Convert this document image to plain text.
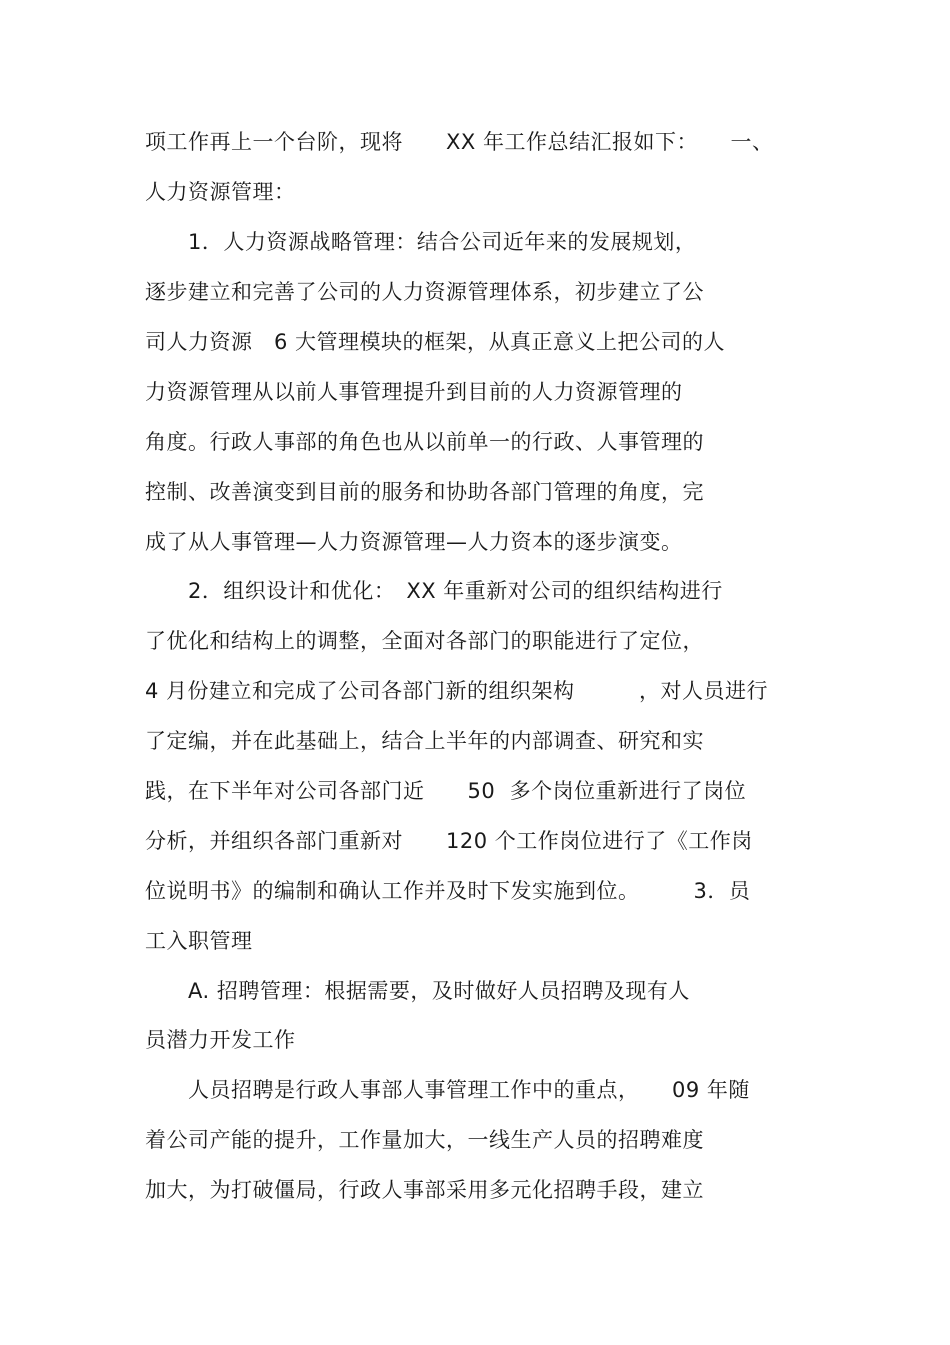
项工作再上一个台阶，现将　　XX 年工作总结汇报如下：　　一、
人力资源管理：
　　1．人力资源战略管理：结合公司近年来的发展规划，
逐步建立和完善了公司的人力资源管理体系，初步建立了公
司人力资源　6 大管理模块的框架，从真正意义上把公司的人
力资源管理从以前人事管理提升到目前的人力资源管理的
角度。行政人事部的角色也从以前单一的行政、人事管理的
控制、改善演变到目前的服务和协助各部门管理的角度，完
成了从人事管理—人力资源管理—人力资本的逐步演变。
　　2．组织设计和优化：　XX 年重新对公司的组织结构进行
了优化和结构上的调整，全面对各部门的职能进行了定位，
4 月份建立和完成了公司各部门新的组织架构　　　，对人员进行
了定编，并在此基础上，结合上半年的内部调查、研究和实
践，在下半年对公司各部门近　　50  多个岗位重新进行了岗位
分析，并组织各部门重新对　　120 个工作岗位进行了《工作岗
位说明书》的编制和确认工作并及时下发实施到位。　　　3．员
工入职管理
　　A. 招聘管理：根据需要，及时做好人员招聘及现有人
员潜力开发工作
　　人员招聘是行政人事部人事管理工作中的重点，　　09 年随
着公司产能的提升，工作量加大，一线生产人员的招聘难度
加大，为打破僵局，行政人事部采用多元化招聘手段，建立
